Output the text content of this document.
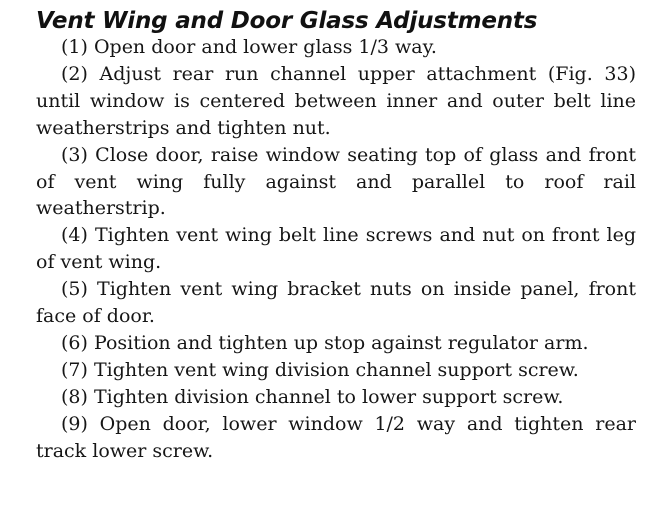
Vent Wing and Door Glass Adjustments

(1) Open door and lower glass 1/3 way.

(2) Adjust rear run channel upper attachment (Fig. 33) until window is centered between inner and outer belt line weatherstrips and tighten nut.

(3) Close door, raise window seating top of glass and front of vent wing fully against and parallel to roof rail weatherstrip.

(4) Tighten vent wing belt line screws and nut on front leg of vent wing.

(5) Tighten vent wing bracket nuts on inside panel, front face of door.

(6) Position and tighten up stop against regulator arm.

(7) Tighten vent wing division channel support screw.

(8) Tighten division channel to lower support screw.

(9) Open door, lower window 1/2 way and tighten rear track lower screw.
